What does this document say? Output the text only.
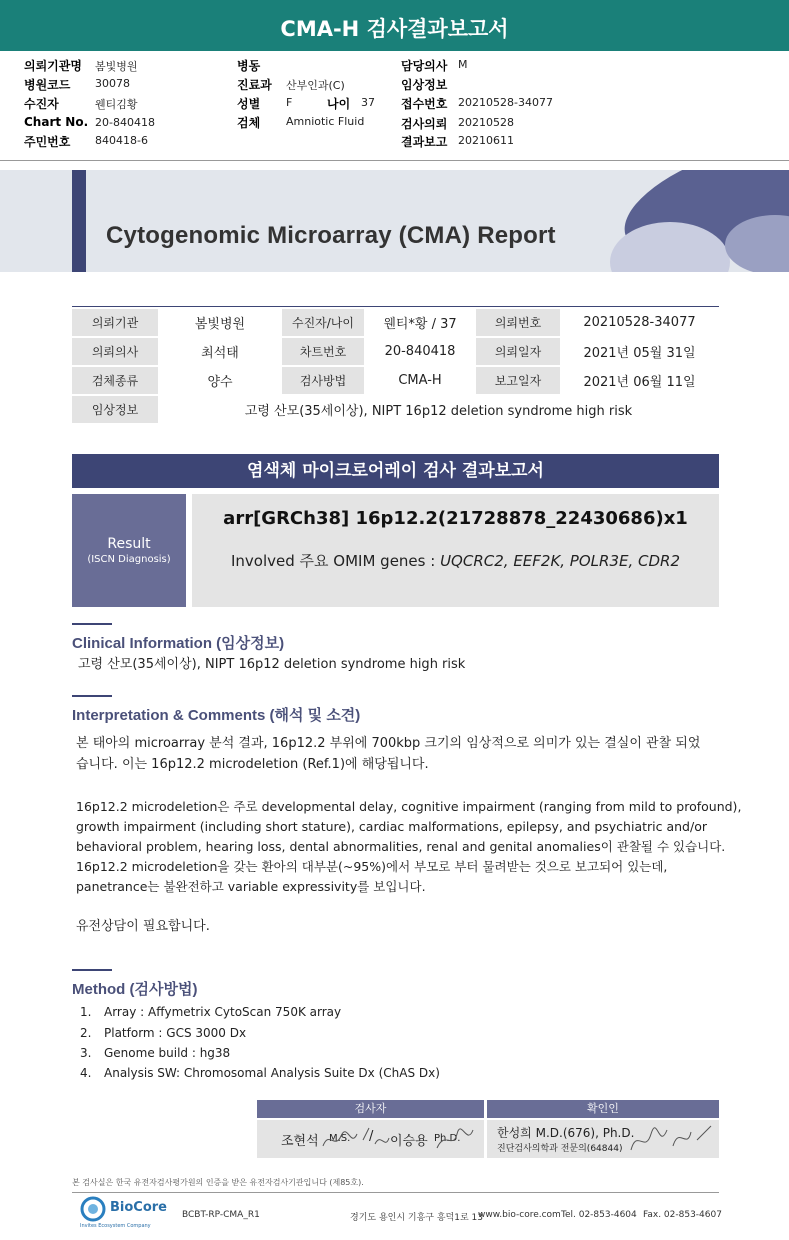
CMA-H 검사결과보고서
의뢰기관명 봄빛병원
병원코드 30078
수진자	웬티김황
Chart No. 20-840418
주민번호 840418-6
병동
진료과 산부인과(C)
성별 F	나이 37
검체 Amniotic Fluid
담당의사 M
임상정보
접수번호 20210528-34077
검사의뢰 20210528
결과보고 20210611
Cytogenomic Microarray (CMA) Report
의뢰기관	봄빛병원	수진자/나이	웬티*황 / 37	의뢰번호	20210528-34077
의뢰의사	최석태	차트번호	20-840418	의뢰일자	2021년 05월 31일
검체종류	양수	검사방법	CMA-H	보고일자	2021년 06월 11일
임상정보	고령 산모(35세이상), NIPT 16p12 deletion syndrome high risk				
염색체 마이크로어레이 검사 결과보고서
Result
(ISCN Diagnosis)
arr[GRCh38] 16p12.2(21728878_22430686)x1
Involved 주요 OMIM genes : UQCRC2, EEF2K, POLR3E, CDR2
Clinical Information (임상정보)
고령 산모(35세이상), NIPT 16p12 deletion syndrome high risk
Interpretation & Comments (해석 및 소견)
본 태아의 microarray 분석 결과, 16p12.2 부위에 700kbp 크기의 임상적으로 의미가 있는 결실이 관찰 되었
습니다. 이는 16p12.2 microdeletion (Ref.1)에 해당됩니다.
16p12.2 microdeletion은 주로 developmental delay, cognitive impairment (ranging from mild to profound),
growth impairment (including short stature), cardiac malformations, epilepsy, and psychiatric and/or
behavioral problem, hearing loss, dental abnormalities, renal and genital anomalies이 관찰될 수 있습니다.
16p12.2 microdeletion을 갖는 환아의 대부분(~95%)에서 부모로 부터 물려받는 것으로 보고되어 있는데,
panetrance는 불완전하고 variable expressivity를 보입니다.
유전상담이 필요합니다.
Method (검사방법)
1. Array : Affymetrix CytoScan 750K array
2. Platform : GCS 3000 Dx
3. Genome build : hg38
4. Analysis SW: Chromosomal Analysis Suite Dx (ChAS Dx)
검사자	확인인
조현석 M.S. / 이승용 Ph.D.	한성희 M.D.(676), Ph.D.
진단검사의학과 전문의(64844)
본 검사실은 한국 유전자검사평가원의 인증을 받은 유전자검사기관입니다 (제85호).
BioCore
Invites Ecosystem Company
BCBT-RP-CMA_R1	경기도 용인시 기흥구 흥덕1로 13
www.bio-core.com Tel. 02-853-4604 Fax. 02-853-4607
